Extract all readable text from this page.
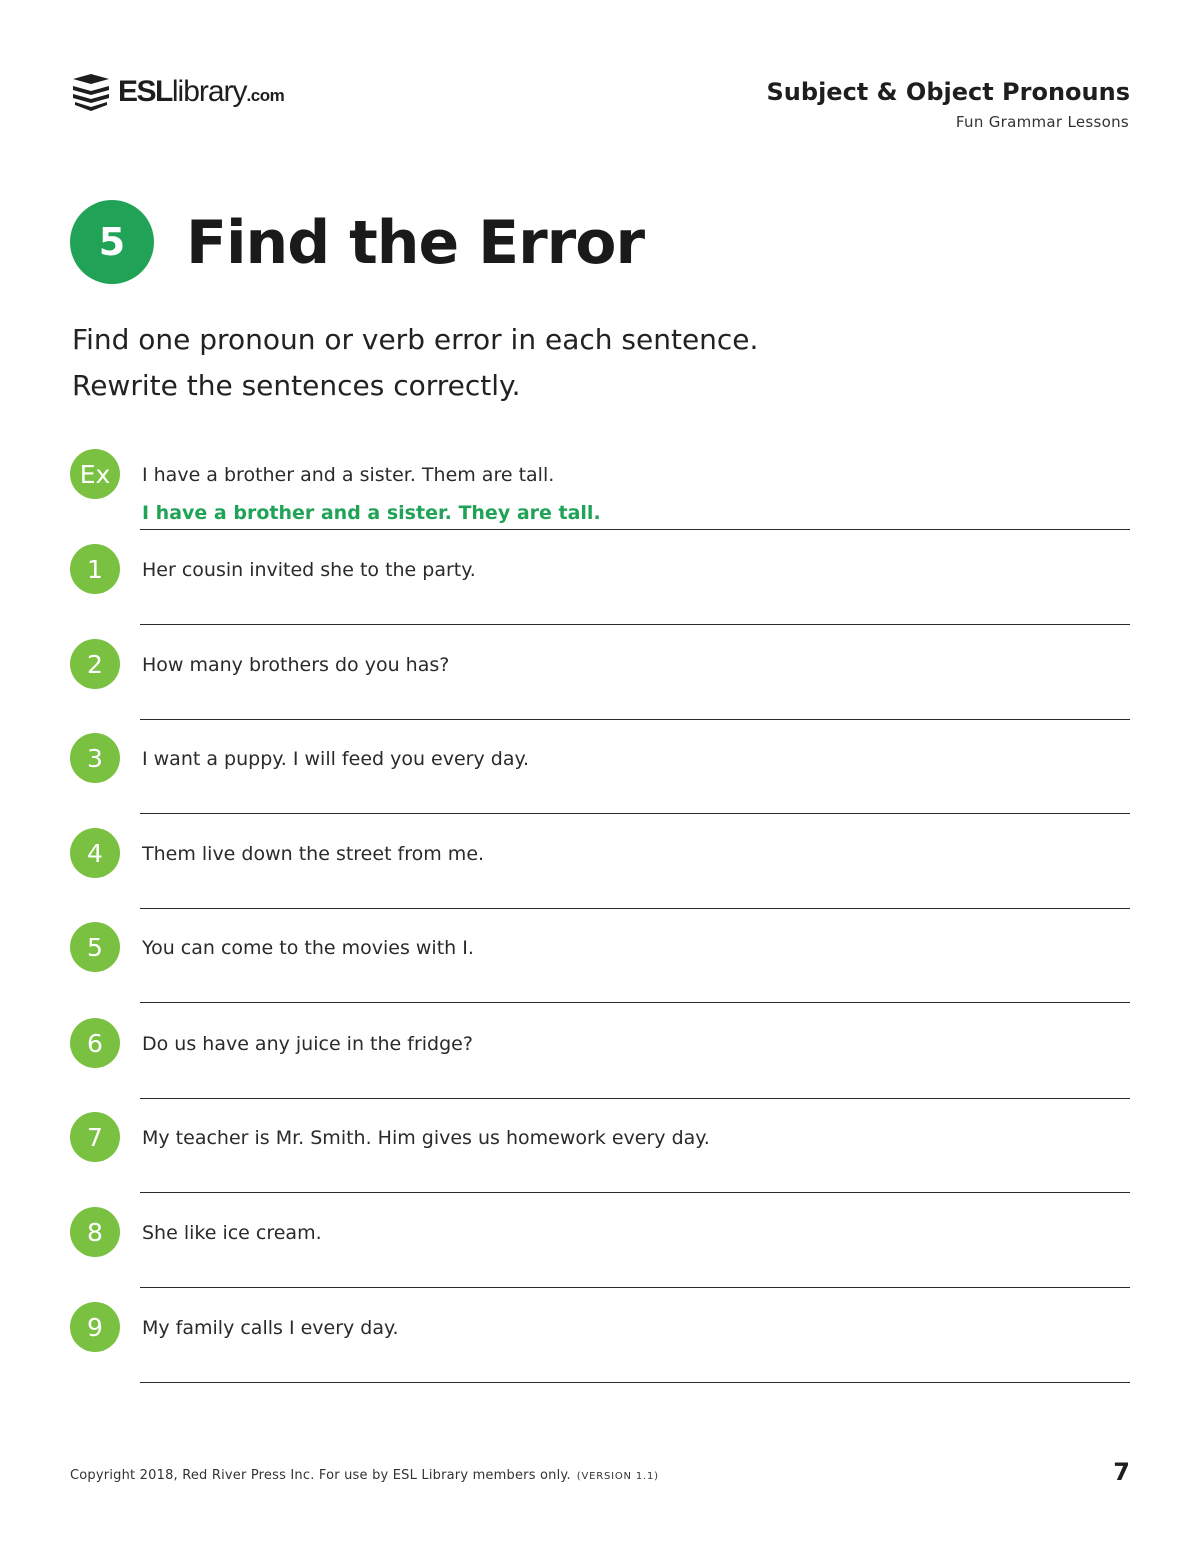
ESLlibrary.com	Subject & Object Pronouns
Fun Grammar Lessons
5	Find the Error
Find one pronoun or verb error in each sentence.
Rewrite the sentences correctly.
Ex	I have a brother and a sister. Them are tall.
I have a brother and a sister. They are tall.
1	Her cousin invited she to the party.
2	How many brothers do you has?
3	I want a puppy. I will feed you every day.
4	Them live down the street from me.
5	You can come to the movies with I.
6	Do us have any juice in the fridge?
7	My teacher is Mr. Smith. Him gives us homework every day.
8	She like ice cream.
9	My family calls I every day.
Copyright 2018, Red River Press Inc. For use by ESL Library members only. (VERSION 1.1)	7
